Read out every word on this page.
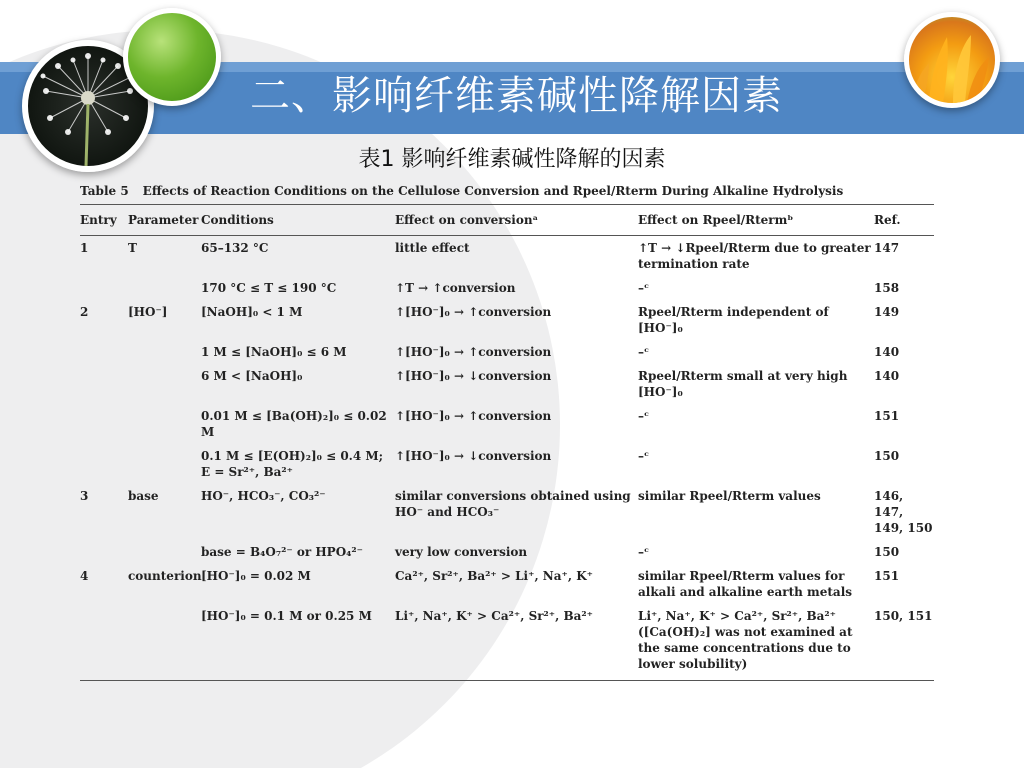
二、影响纤维素碱性降解因素
表1 影响纤维素碱性降解的因素
Table 5 Effects of Reaction Conditions on the Cellulose Conversion and Rpeel/Rterm During Alkaline Hydrolysis
Entry	Parameter	Conditions	Effect on conversionᵃ	Effect on Rpeel/Rtermᵇ	Ref.
1	T	65–132 °C	little effect	↑T → ↓Rpeel/Rterm due to greater termination rate	147
		170 °C ≤ T ≤ 190 °C	↑T → ↑conversion	–ᶜ	158
2	[HO⁻]	[NaOH]₀ < 1 M	↑[HO⁻]₀ → ↑conversion	Rpeel/Rterm independent of [HO⁻]₀	149
		1 M ≤ [NaOH]₀ ≤ 6 M	↑[HO⁻]₀ → ↑conversion	–ᶜ	140
		6 M < [NaOH]₀	↑[HO⁻]₀ → ↓conversion	Rpeel/Rterm small at very high [HO⁻]₀	140
		0.01 M ≤ [Ba(OH)₂]₀ ≤ 0.02 M	↑[HO⁻]₀ → ↑conversion	–ᶜ	151
		0.1 M ≤ [E(OH)₂]₀ ≤ 0.4 M; E = Sr²⁺, Ba²⁺	↑[HO⁻]₀ → ↓conversion	–ᶜ	150
3	base	HO⁻, HCO₃⁻, CO₃²⁻	similar conversions obtained using HO⁻ and HCO₃⁻	similar Rpeel/Rterm values	146, 147, 149, 150
		base = B₄O₇²⁻ or HPO₄²⁻	very low conversion	–ᶜ	150
4	counterion	[HO⁻]₀ = 0.02 M	Ca²⁺, Sr²⁺, Ba²⁺ > Li⁺, Na⁺, K⁺	similar Rpeel/Rterm values for alkali and alkaline earth metals	151
		[HO⁻]₀ = 0.1 M or 0.25 M	Li⁺, Na⁺, K⁺ > Ca²⁺, Sr²⁺, Ba²⁺	Li⁺, Na⁺, K⁺ > Ca²⁺, Sr²⁺, Ba²⁺ ([Ca(OH)₂] was not examined at the same concentrations due to lower solubility)	150, 151
